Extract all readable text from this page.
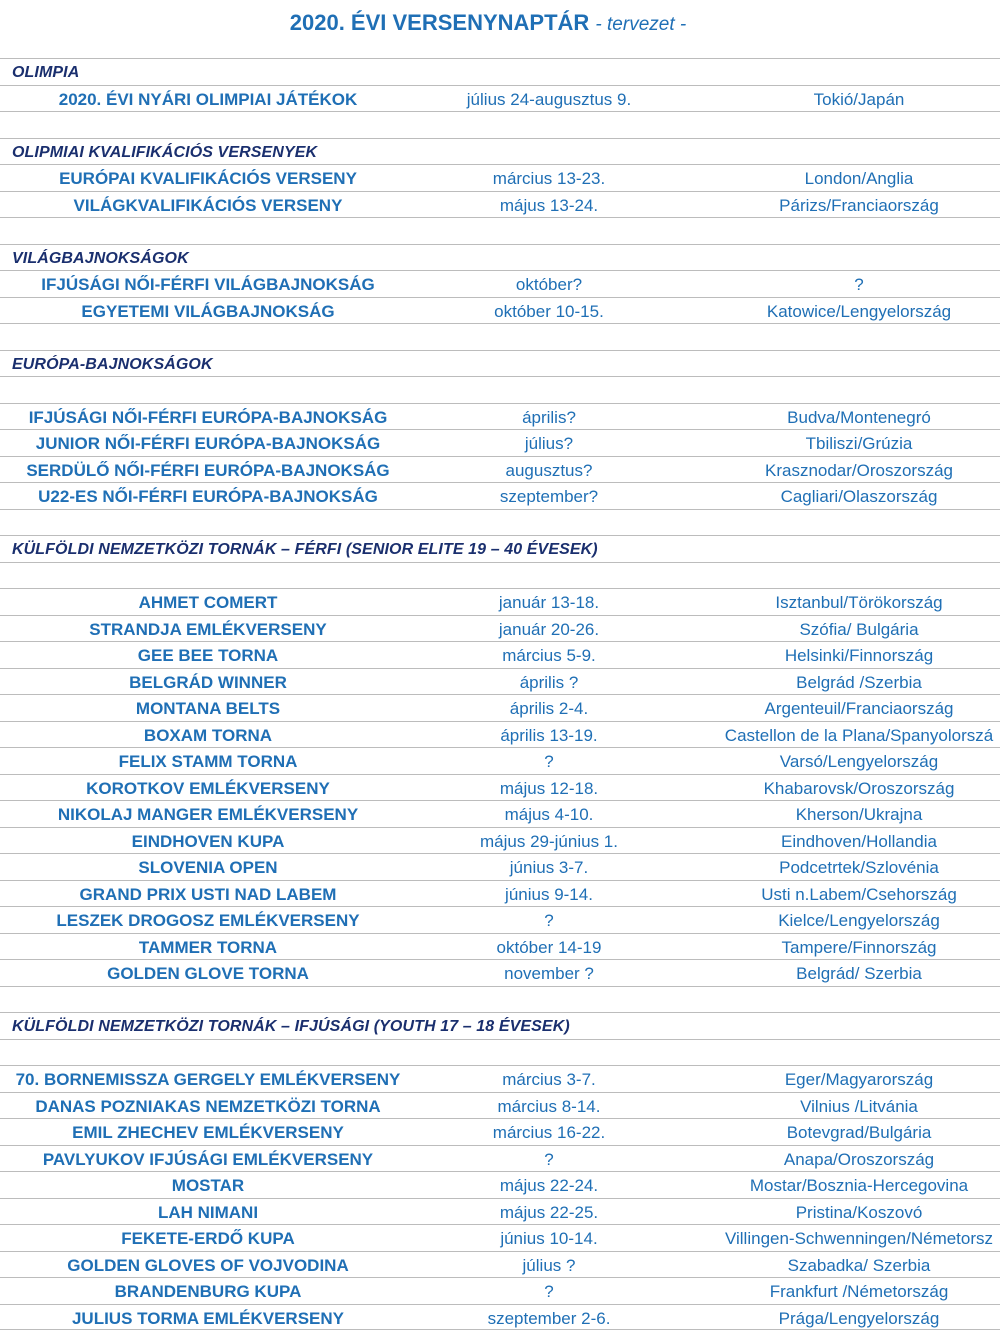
2020. ÉVI VERSENYNAPTÁR - tervezet -
OLIMPIA
2020. ÉVI NYÁRI OLIMPIAI JÁTÉKOK	július 24-augusztus 9.	Tokió/Japán
OLIPMIAI KVALIFIKÁCIÓS VERSENYEK
EURÓPAI KVALIFIKÁCIÓS VERSENY	március 13-23.	London/Anglia
VILÁGKVALIFIKÁCIÓS VERSENY	május 13-24.	Párizs/Franciaország
VILÁGBAJNOKSÁGOK
IFJÚSÁGI NŐI-FÉRFI VILÁGBAJNOKSÁG	október?	?
EGYETEMI VILÁGBAJNOKSÁG	október 10-15.	Katowice/Lengyelország
EURÓPA-BAJNOKSÁGOK
IFJÚSÁGI NŐI-FÉRFI EURÓPA-BAJNOKSÁG	április?	Budva/Montenegró
JUNIOR NŐI-FÉRFI EURÓPA-BAJNOKSÁG	július?	Tbiliszi/Grúzia
SERDÜLŐ NŐI-FÉRFI EURÓPA-BAJNOKSÁG	augusztus?	Krasznodar/Oroszország
U22-ES NŐI-FÉRFI EURÓPA-BAJNOKSÁG	szeptember?	Cagliari/Olaszország
KÜLFÖLDI NEMZETKÖZI TORNÁK – FÉRFI (SENIOR ELITE 19 – 40 ÉVESEK)
AHMET COMERT	január 13-18.	Isztanbul/Törökország
STRANDJA EMLÉKVERSENY	január 20-26.	Szófia/ Bulgária
GEE BEE TORNA	március 5-9.	Helsinki/Finnország
BELGRÁD WINNER	április ?	Belgrád /Szerbia
MONTANA BELTS	április 2-4.	Argenteuil/Franciaország
BOXAM TORNA	április 13-19.	Castellon de la Plana/Spanyolorszá
FELIX STAMM TORNA	?	Varsó/Lengyelország
KOROTKOV EMLÉKVERSENY	május 12-18.	Khabarovsk/Oroszország
NIKOLAJ MANGER EMLÉKVERSENY	május 4-10.	Kherson/Ukrajna
EINDHOVEN KUPA	május 29-június 1.	Eindhoven/Hollandia
SLOVENIA OPEN	június 3-7.	Podcetrtek/Szlovénia
GRAND PRIX USTI NAD LABEM	június 9-14.	Usti n.Labem/Csehország
LESZEK DROGOSZ EMLÉKVERSENY	?	Kielce/Lengyelország
TAMMER TORNA	október 14-19	Tampere/Finnország
GOLDEN GLOVE TORNA	november ?	Belgrád/ Szerbia
KÜLFÖLDI NEMZETKÖZI TORNÁK – IFJÚSÁGI (YOUTH 17 – 18 ÉVESEK)
70. BORNEMISSZA GERGELY EMLÉKVERSENY	március 3-7.	Eger/Magyarország
DANAS POZNIAKAS NEMZETKÖZI TORNA	március 8-14.	Vilnius /Litvánia
EMIL ZHECHEV EMLÉKVERSENY	március 16-22.	Botevgrad/Bulgária
PAVLYUKOV IFJÚSÁGI EMLÉKVERSENY	?	Anapa/Oroszország
MOSTAR	május 22-24.	Mostar/Bosznia-Hercegovina
LAH NIMANI	május 22-25.	Pristina/Koszovó
FEKETE-ERDŐ KUPA	június 10-14.	Villingen-Schwenningen/Németorsz
GOLDEN GLOVES OF VOJVODINA	július ?	Szabadka/ Szerbia
BRANDENBURG KUPA	?	Frankfurt /Németország
JULIUS TORMA EMLÉKVERSENY	szeptember 2-6.	Prága/Lengyelország
